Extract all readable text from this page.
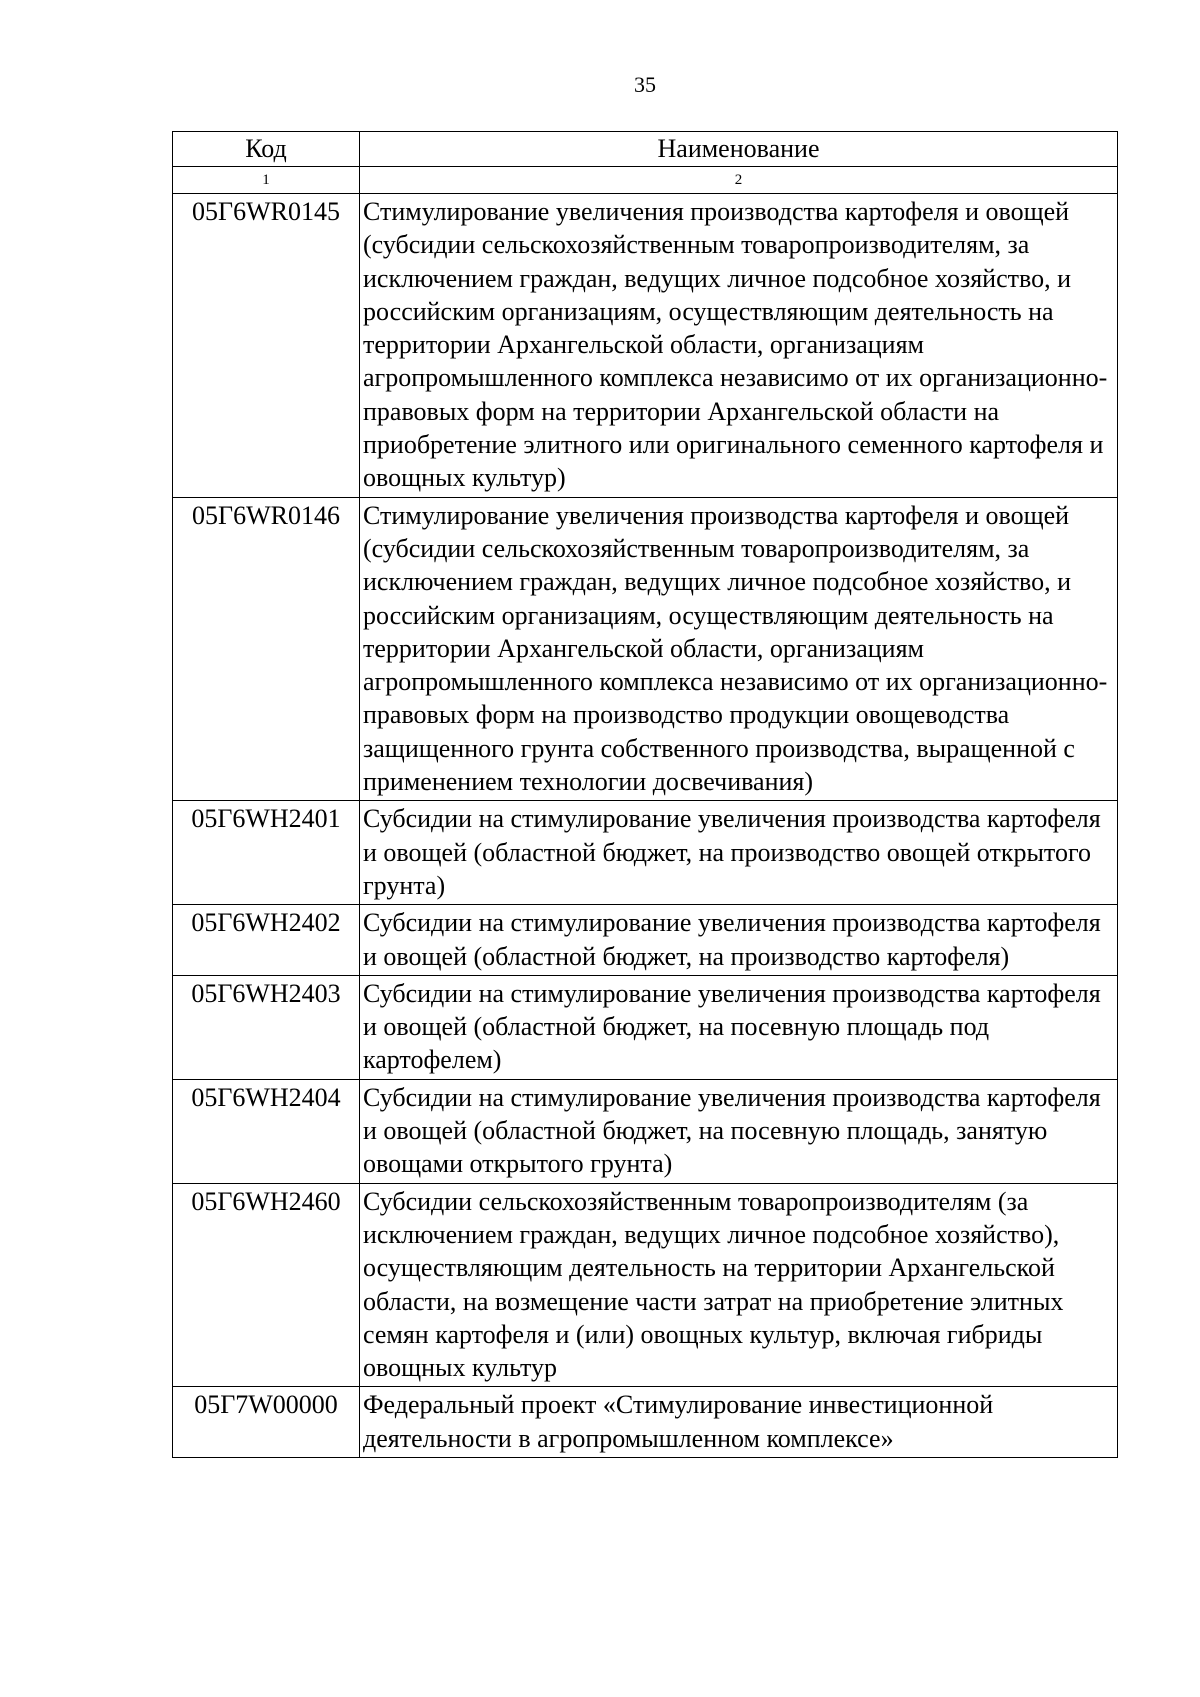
35
Код	Наименование
1	2
05Г6WR0145	Стимулирование увеличения производства картофеля и овощей (субсидии сельскохозяйственным товаропроизводителям, за исключением граждан, ведущих личное подсобное хозяйство, и российским организациям, осуществляющим деятельность на территории Архангельской области, организациям агропромышленного комплекса независимо от их организационно-правовых форм на территории Архангельской области на приобретение элитного или оригинального семенного картофеля и овощных культур)
05Г6WR0146	Стимулирование увеличения производства картофеля и овощей (субсидии сельскохозяйственным товаропроизводителям, за исключением граждан, ведущих личное подсобное хозяйство, и российским организациям, осуществляющим деятельность на территории Архангельской области, организациям агропромышленного комплекса независимо от их организационно-правовых форм на производство продукции овощеводства защищенного грунта собственного производства, выращенной с применением технологии досвечивания)
05Г6WH2401	Субсидии на стимулирование увеличения производства картофеля и овощей (областной бюджет, на производство овощей открытого грунта)
05Г6WH2402	Субсидии на стимулирование увеличения производства картофеля и овощей (областной бюджет, на производство картофеля)
05Г6WH2403	Субсидии на стимулирование увеличения производства картофеля и овощей (областной бюджет, на посевную площадь под картофелем)
05Г6WH2404	Субсидии на стимулирование увеличения производства картофеля и овощей (областной бюджет, на посевную площадь, занятую овощами открытого грунта)
05Г6WH2460	Субсидии сельскохозяйственным товаропроизводителям (за исключением граждан, ведущих личное подсобное хозяйство), осуществляющим деятельность на территории Архангельской области, на возмещение части затрат на приобретение элитных семян картофеля и (или) овощных культур, включая гибриды овощных культур
05Г7W00000	Федеральный проект «Стимулирование инвестиционной деятельности в агропромышленном комплексе»
